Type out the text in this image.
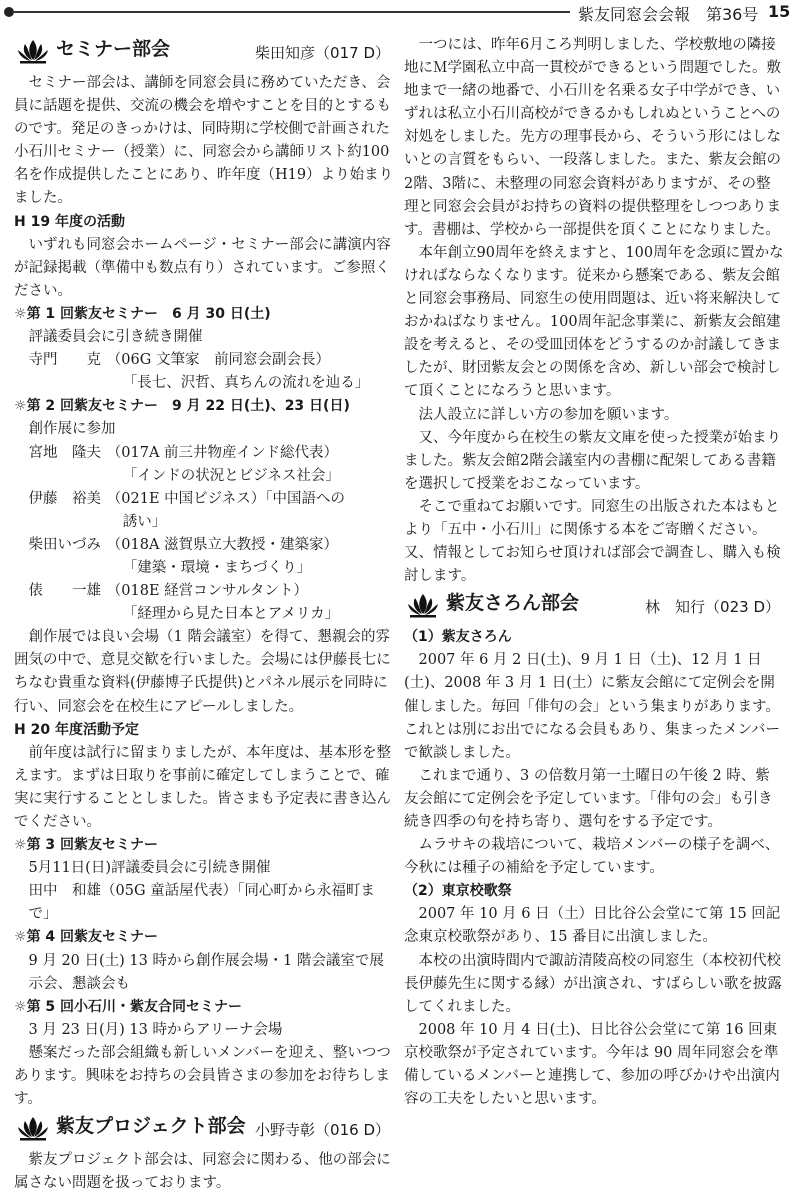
紫友同窓会会報　第36号 15
セミナー部会	柴田知彦（017 D）

セミナー部会は、講師を同窓会員に務めていただき、会員に話題を提供、交流の機会を増やすことを目的とするものです。発足のきっかけは、同時期に学校側で計画された小石川セミナー（授業）に、同窓会から講師リスト約100名を作成提供したことにあり、昨年度（H19）より始まりました。

H 19 年度の活動

いずれも同窓会ホームページ・セミナー部会に講演内容が記録掲載（準備中も数点有り）されています。ご参照ください。

☼第 1 回紫友セミナー　6 月 30 日(土)
評議委員会に引き続き開催
寺門　　克 （06G 文筆家　前同窓会副会長）
「長七、沢哲、真ちんの流れを辿る」
☼第 2 回紫友セミナー　9 月 22 日(土)、23 日(日)
創作展に参加
宮地　隆夫 （017A 前三井物産インド総代表）
「インドの状況とビジネス社会」
伊藤　裕美 （021E 中国ビジネス）「中国語への
誘い」
柴田いづみ （018A 滋賀県立大教授・建築家）
「建築・環境・まちづくり」
俵　　一雄 （018E 経営コンサルタント）
「経理から見た日本とアメリカ」

創作展では良い会場（1 階会議室）を得て、懇親会的雰囲気の中で、意見交歓を行いました。会場には伊藤長七にちなむ貴重な資料(伊藤博子氏提供)とパネル展示を同時に行い、同窓会を在校生にアピールしました。

H 20 年度活動予定

前年度は試行に留まりましたが、本年度は、基本形を整えます。まずは日取りを事前に確定してしまうことで、確実に実行することとしました。皆さまも予定表に書き込んでください。

☼第 3 回紫友セミナー
5月11日(日)評議委員会に引続き開催
田中　和雄（05G 童話屋代表）「同心町から永福町まで」
☼第 4 回紫友セミナー
9 月 20 日(土) 13 時から創作展会場・1 階会議室で展示会、懇談会も
☼第 5 回小石川・紫友合同セミナー
3 月 23 日(月) 13 時からアリーナ会場

懸案だった部会組織も新しいメンバーを迎え、整いつつあります。興味をお持ちの会員皆さまの参加をお待ちします。

紫友プロジェクト部会 小野寺彰（016 D）

紫友プロジェクト部会は、同窓会に関わる、他の部会に属さない問題を扱っております。

一つには、昨年6月ころ判明しました、学校敷地の隣接地にＭ学園私立中高一貫校ができるという問題でした。敷地まで一緒の地番で、小石川を名乗る女子中学ができ、いずれは私立小石川高校ができるかもしれぬということへの対処をしました。先方の理事長から、そういう形にはしないとの言質をもらい、一段落しました。また、紫友会館の2階、3階に、未整理の同窓会資料がありますが、その整理と同窓会会員がお持ちの資料の提供整理をしつつあります。書棚は、学校から一部提供を頂くことになりました。

本年創立90周年を終えますと、100周年を念頭に置かなければならなくなります。従来から懸案である、紫友会館と同窓会事務局、同窓生の使用問題は、近い将来解決しておかねばなりません。100周年記念事業に、新紫友会館建設を考えると、その受皿団体をどうするのか討議してきましたが、財団紫友会との関係を含め、新しい部会で検討して頂くことになろうと思います。

法人設立に詳しい方の参加を願います。

又、今年度から在校生の紫友文庫を使った授業が始まりました。紫友会館2階会議室内の書棚に配架してある書籍を選択して授業をおこなっています。

そこで重ねてお願いです。同窓生の出版された本はもとより「五中・小石川」に関係する本をご寄贈ください。又、情報としてお知らせ頂ければ部会で調査し、購入も検討します。

紫友さろん部会	林　知行（023 D）
（1）紫友さろん

2007 年 6 月 2 日(土)、9 月 1 日（土)、12 月 1 日(土)、2008 年 3 月 1 日(土）に紫友会館にて定例会を開催しました。毎回「俳句の会」という集まりがあります。これとは別にお出でになる会員もあり、集まったメンバーで歓談しました。

これまで通り、3 の倍数月第一土曜日の午後 2 時、紫友会館にて定例会を予定しています。「俳句の会」も引き続き四季の句を持ち寄り、選句をする予定です。

ムラサキの栽培について、栽培メンバーの様子を調べ、今秋には種子の補給を予定しています。

（2）東京校歌祭

2007 年 10 月 6 日（土）日比谷公会堂にて第 15 回記念東京校歌祭があり、15 番目に出演しました。

本校の出演時間内で諏訪清陵高校の同窓生（本校初代校長伊藤先生に関する縁）が出演され、すばらしい歌を披露してくれました。

2008 年 10 月 4 日(土)、日比谷公会堂にて第 16 回東京校歌祭が予定されています。今年は 90 周年同窓会を準備しているメンバーと連携して、参加の呼びかけや出演内容の工夫をしたいと思います。
